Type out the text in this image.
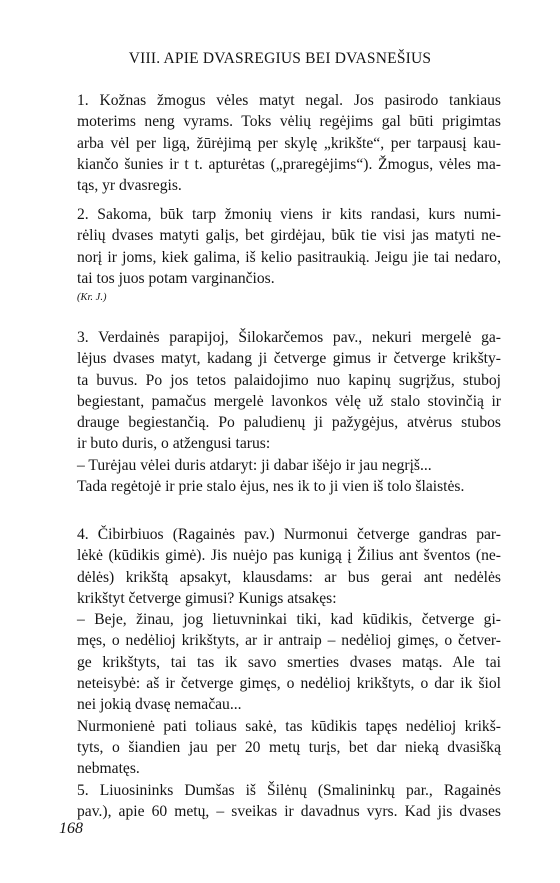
VIII. APIE DVASREGIUS BEI DVASNEŠIUS
1. Kožnas žmogus vėles matyt negal. Jos pasirodo tankiaus
moterims neng vyrams. Toks vėlių regėjims gal būti prigimtas
arba vėl per ligą, žūrėjimą per skylę „krikšte“, per tarpausį kau-
kiančo šunies ir t t. apturėtas („praregėjims“). Žmogus, vėles ma-
tąs, yr dvasregis.
2. Sakoma, būk tarp žmonių viens ir kits randasi, kurs numi-
rėlių dvases matyti galįs, bet girdėjau, būk tie visi jas matyti ne-
norį ir joms, kiek galima, iš kelio pasitraukią. Jeigu jie tai nedaro,
tai tos juos potam varginančios.
(Kr. J.)
3. Verdainės parapijoj, Šilokarčemos pav., nekuri mergelė ga-
lėjus dvases matyt, kadang ji četverge gimus ir četverge krikšty-
ta buvus. Po jos tetos palaidojimo nuo kapinų sugrįžus, stuboj
begiestant, pamačus mergelė lavonkos vėlę už stalo stovinčią ir
drauge begiestančią. Po paludienų ji pažygėjus, atvėrus stubos
ir buto duris, o atžengusi tarus:
– Turėjau vėlei duris atdaryt: ji dabar išėjo ir jau negrįš...
Tada regėtojė ir prie stalo ėjus, nes ik to ji vien iš tolo šlaistės.
4. Čibirbiuos (Ragainės pav.) Nurmonui četverge gandras par-
lėkė (kūdikis gimė). Jis nuėjo pas kunigą į Žilius ant šventos (ne-
dėlės) krikštą apsakyt, klausdams: ar bus gerai ant nedėlės
krikštyt četverge gimusi? Kunigs atsakęs:
– Beje, žinau, jog lietuvninkai tiki, kad kūdikis, četverge gi-
męs, o nedėlioj krikštyts, ar ir antraip – nedėlioj gimęs, o četver-
ge krikštyts, tai tas ik savo smerties dvases matąs. Ale tai
neteisybė: aš ir četverge gimęs, o nedėlioj krikštyts, o dar ik šiol
nei jokią dvasę nemačau...
Nurmonienė pati toliaus sakė, tas kūdikis tapęs nedėlioj krikš-
tyts, o šiandien jau per 20 metų turįs, bet dar nieką dvasišką
nebmatęs.
5. Liuosininks Dumšas iš Šilėnų (Smalininkų par., Ragainės
pav.), apie 60 metų, – sveikas ir davadnus vyrs. Kad jis dvases
168
